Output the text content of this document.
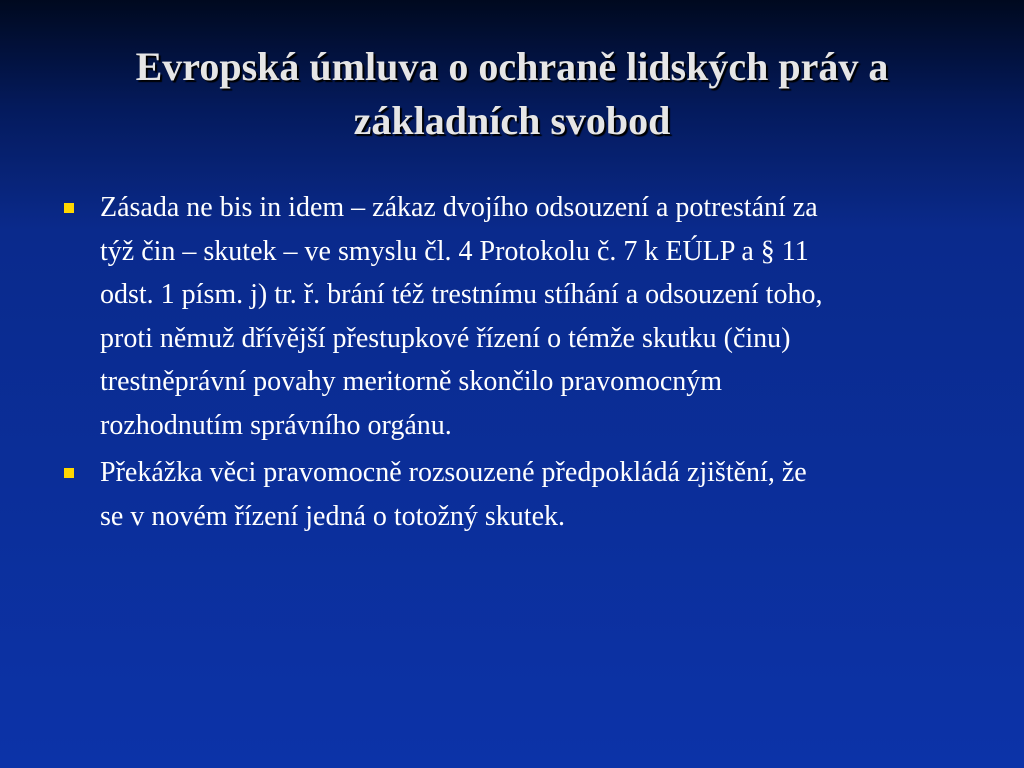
Evropská úmluva o ochraně lidských práv a
základních svobod
Zásada ne bis in idem – zákaz dvojího odsouzení a potrestání za
týž čin – skutek – ve smyslu čl. 4 Protokolu č. 7 k EÚLP a § 11
odst. 1 písm. j) tr. ř. brání též trestnímu stíhání a odsouzení toho,
proti němuž dřívější přestupkové řízení o témže skutku (činu)
trestněprávní povahy meritorně skončilo pravomocným
rozhodnutím správního orgánu.
Překážka věci pravomocně rozsouzené předpokládá zjištění, že
se v novém řízení jedná o totožný skutek.
